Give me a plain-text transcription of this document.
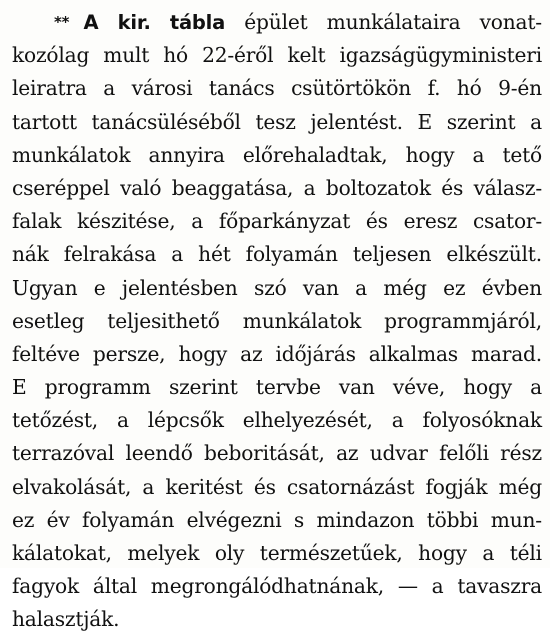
** A kir. tábla épület munkálataira vonat-
kozólag mult hó 22-éről kelt igazságügyministeri
leiratra a városi tanács csütörtökön f. hó 9-én
tartott tanácsüléséből tesz jelentést. E szerint a
munkálatok annyira előrehaladtak, hogy a tető
cseréppel való beaggatása, a boltozatok és válasz-
falak készitése, a főparkányzat és eresz csator-
nák felrakása a hét folyamán teljesen elkészült.
Ugyan e jelentésben szó van a még ez évben
esetleg teljesithető munkálatok programmjáról,
feltéve persze, hogy az időjárás alkalmas marad.
E programm szerint tervbe van véve, hogy a
tetőzést, a lépcsők elhelyezését, a folyosóknak
terrazóval leendő beboritását, az udvar felőli rész
elvakolását, a keritést és csatornázást fogják még
ez év folyamán elvégezni s mindazon többi mun-
kálatokat, melyek oly természetűek, hogy a téli
fagyok által megrongálódhatnának, — a tavaszra
halasztják.
